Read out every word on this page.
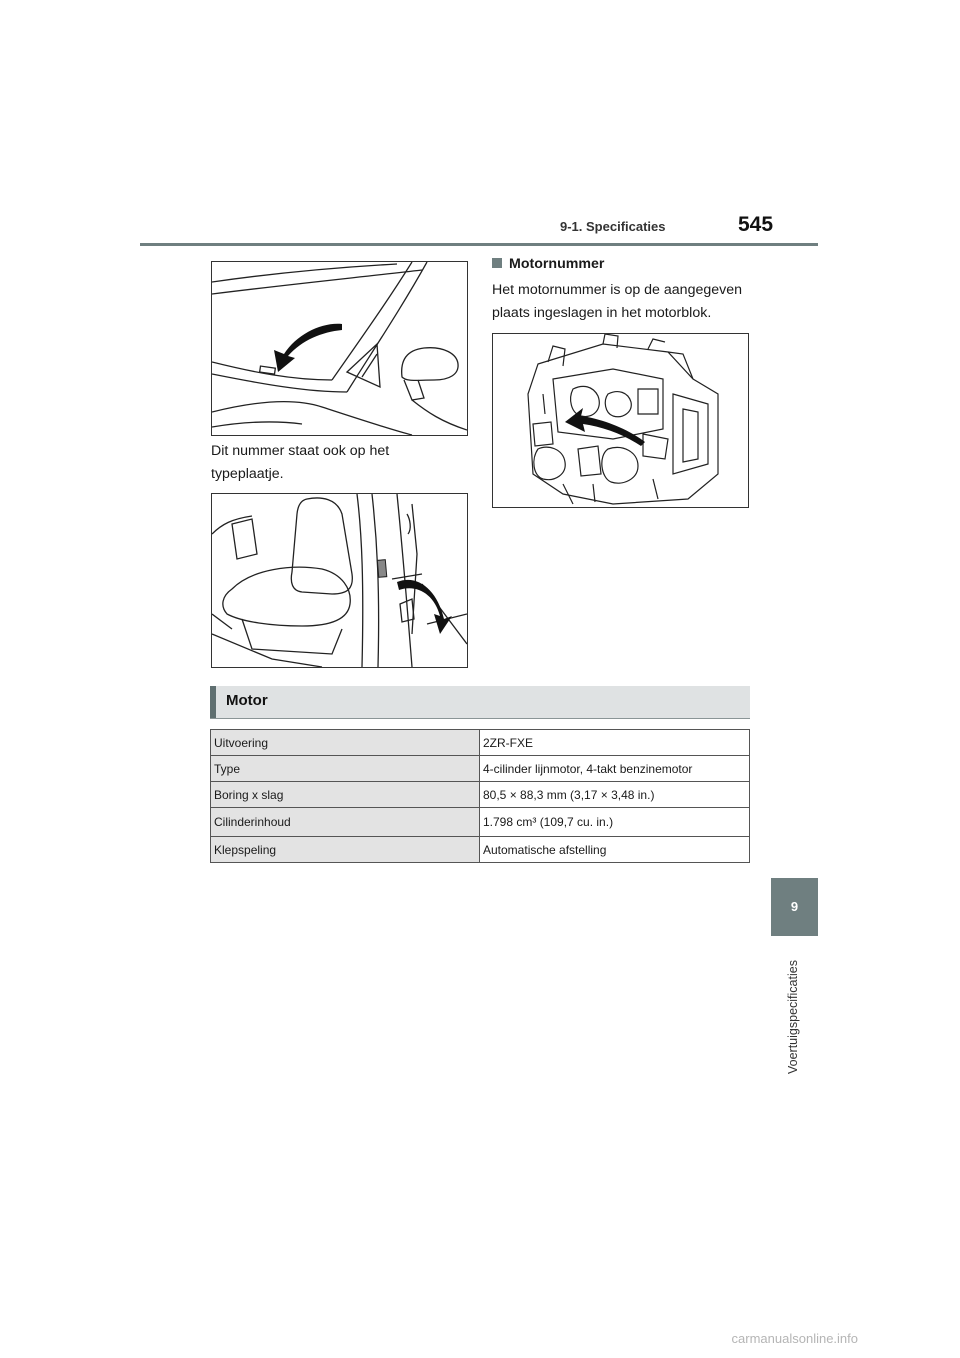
9-1. Specificaties	545
Dit nummer staat ook op het typeplaatje.
Motornummer
Het motornummer is op de aangegeven plaats ingeslagen in het motorblok.
Motor
Uitvoering	2ZR-FXE
Type	4-cilinder lijnmotor, 4-takt benzinemotor
Boring x slag	80,5 × 88,3 mm (3,17 × 3,48 in.)
Cilinderinhoud	1.798 cm³ (109,7 cu. in.)
Klepspeling	Automatische afstelling
9
Voertuigspecificaties
carmanualsonline.info
